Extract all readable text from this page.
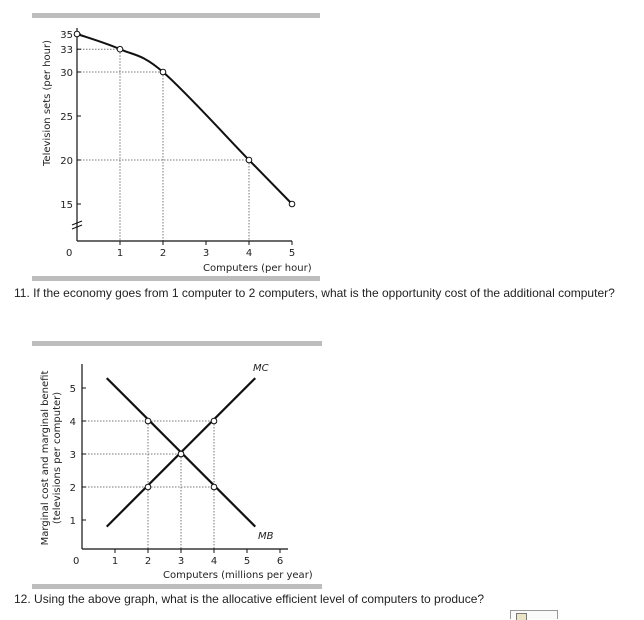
1	2	3	4	5
15
20
25
30
33
35
0
Computers (per hour)
Television sets (per hour)
11. If the economy goes from 1 computer to 2 computers, what is the opportunity cost of the additional computer?
1	2	3	4	5	6
1
2
3
4
5
MC
MB
0
Computers (millions per year)
Marginal cost and marginal benefit (televisions per computer)
12. Using the above graph, what is the allocative efficient level of computers to produce?
